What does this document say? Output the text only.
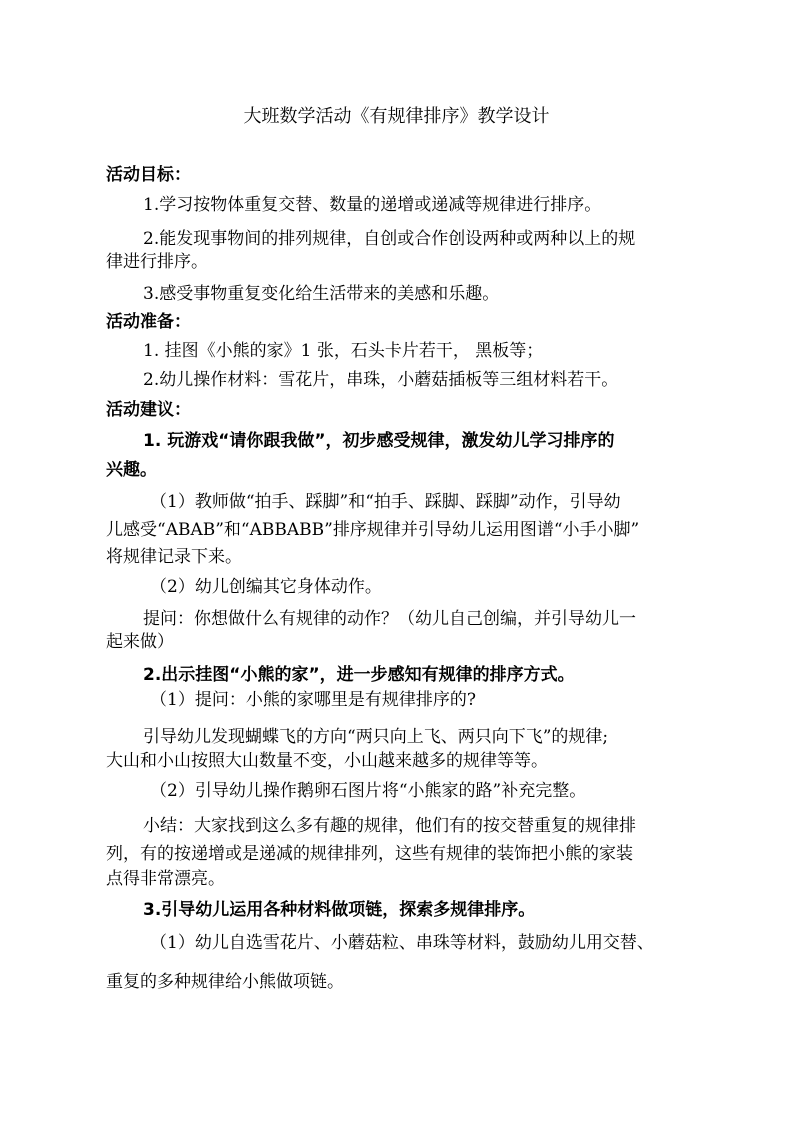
大班数学活动《有规律排序》教学设计
活动目标：
1.学习按物体重复交替、数量的递增或递减等规律进行排序。
2.能发现事物间的排列规律，自创或合作创设两种或两种以上的规
律进行排序。
3.感受事物重复变化给生活带来的美感和乐趣。
活动准备：
1. 挂图《小熊的家》1 张，石头卡片若干， 黑板等；
2.幼儿操作材料：雪花片，串珠，小蘑菇插板等三组材料若干。
活动建议：
1. 玩游戏“请你跟我做”，初步感受规律，激发幼儿学习排序的
兴趣。
（1）教师做“拍手、踩脚”和“拍手、踩脚、踩脚”动作，引导幼
儿感受“ABAB”和“ABBABB”排序规律并引导幼儿运用图谱“小手小脚”
将规律记录下来。
（2）幼儿创编其它身体动作。
提问：你想做什么有规律的动作？（幼儿自己创编，并引导幼儿一
起来做）
2.出示挂图“小熊的家”，进一步感知有规律的排序方式。
（1）提问：小熊的家哪里是有规律排序的?
引导幼儿发现蝴蝶飞的方向“两只向上飞、两只向下飞”的规律;
大山和小山按照大山数量不变，小山越来越多的规律等等。
（2）引导幼儿操作鹅卵石图片将“小熊家的路”补充完整。
小结：大家找到这么多有趣的规律，他们有的按交替重复的规律排
列，有的按递增或是递减的规律排列，这些有规律的装饰把小熊的家装
点得非常漂亮。
3.引导幼儿运用各种材料做项链，探索多规律排序。
（1）幼儿自选雪花片、小蘑菇粒、串珠等材料，鼓励幼儿用交替、
重复的多种规律给小熊做项链。
